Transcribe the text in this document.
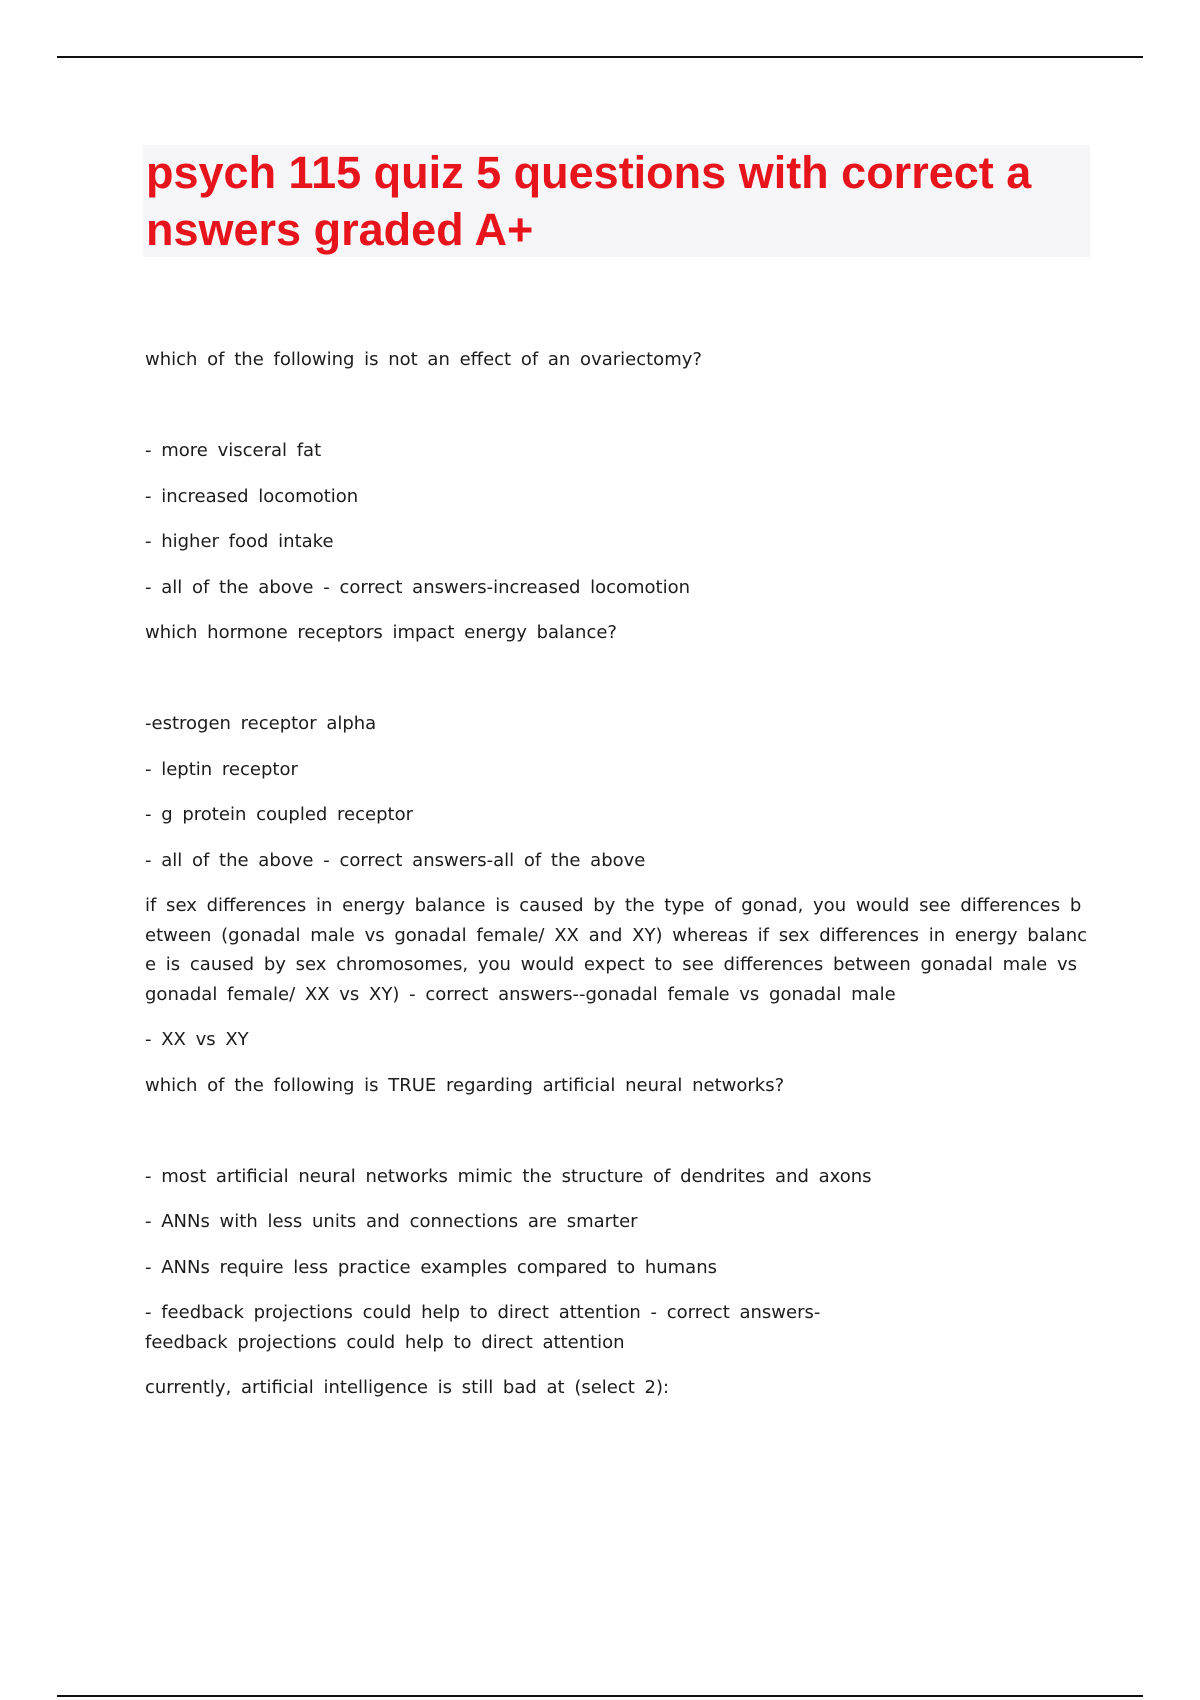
psych 115 quiz 5 questions with correct a
nswers graded A+

which of the following is not an effect of an ovariectomy?

- more visceral fat

- increased locomotion

- higher food intake

- all of the above - correct answers-increased locomotion

which hormone receptors impact energy balance?

-estrogen receptor alpha

- leptin receptor

- g protein coupled receptor

- all of the above - correct answers-all of the above

if sex differences in energy balance is caused by the type of gonad, you would see differences b

etween (gonadal male vs gonadal female/ XX and XY) whereas if sex differences in energy balanc

e is caused by sex chromosomes, you would expect to see differences between gonadal male vs

gonadal female/ XX vs XY) - correct answers--gonadal female vs gonadal male

- XX vs XY

which of the following is TRUE regarding artificial neural networks?

- most artificial neural networks mimic the structure of dendrites and axons

- ANNs with less units and connections are smarter

- ANNs require less practice examples compared to humans

- feedback projections could help to direct attention - correct answers-

feedback projections could help to direct attention

currently, artificial intelligence is still bad at (select 2):
